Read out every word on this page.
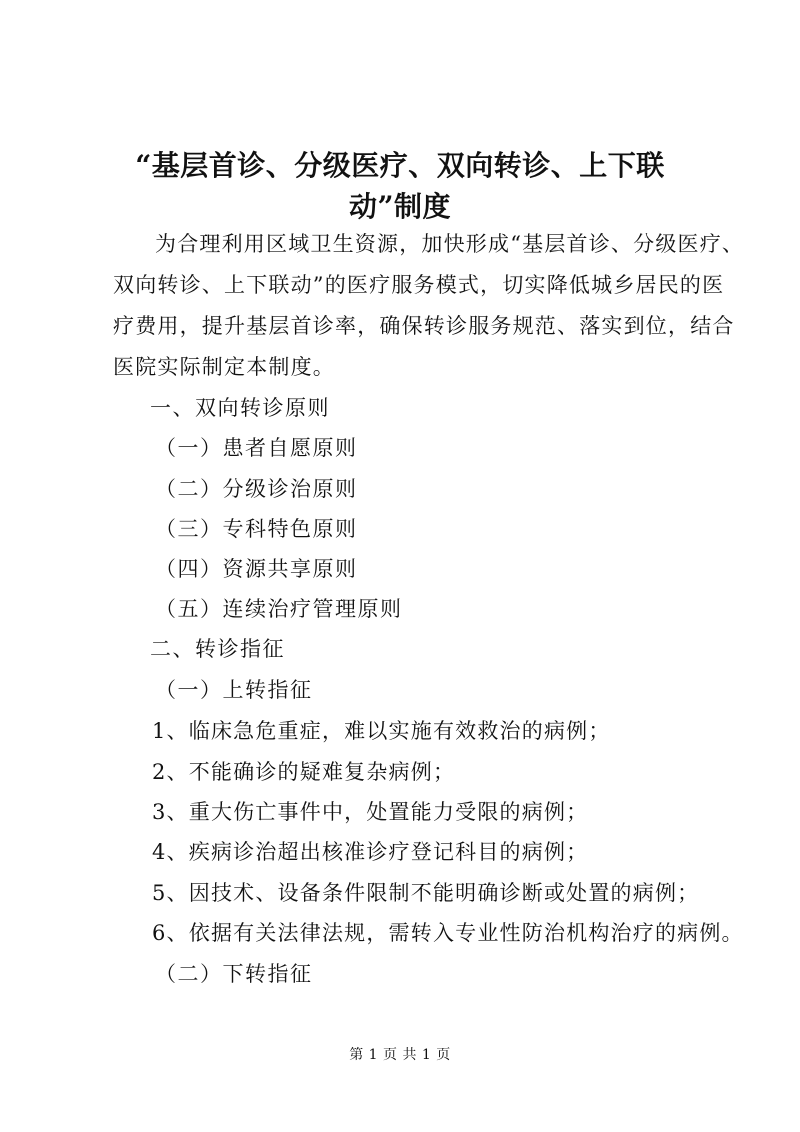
“基层首诊、分级医疗、双向转诊、上下联
动”制度
为合理利用区域卫生资源，加快形成“基层首诊、分级医疗、
双向转诊、上下联动”的医疗服务模式，切实降低城乡居民的医
疗费用，提升基层首诊率，确保转诊服务规范、落实到位，结合
医院实际制定本制度。
一、双向转诊原则
（一）患者自愿原则
（二）分级诊治原则
（三）专科特色原则
（四）资源共享原则
（五）连续治疗管理原则
二、转诊指征
（一）上转指征
1、临床急危重症，难以实施有效救治的病例；
2、不能确诊的疑难复杂病例；
3、重大伤亡事件中，处置能力受限的病例；
4、疾病诊治超出核准诊疗登记科目的病例；
5、因技术、设备条件限制不能明确诊断或处置的病例；
6、依据有关法律法规，需转入专业性防治机构治疗的病例。
（二）下转指征
第 1 页 共 1 页
